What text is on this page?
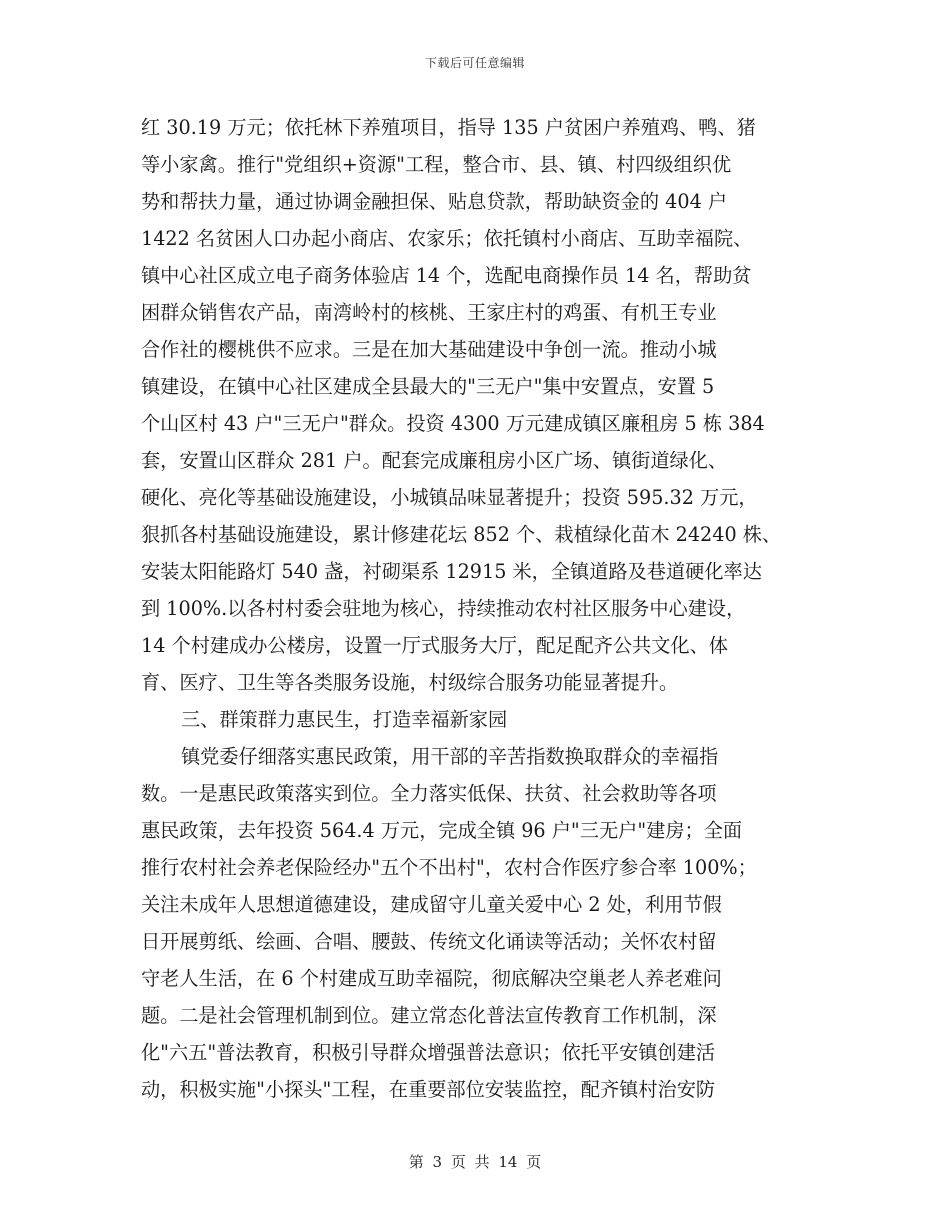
下载后可任意编辑
红 30.19 万元；依托林下养殖项目，指导 135 户贫困户养殖鸡、鸭、猪
等小家禽。推行"党组织+资源"工程，整合市、县、镇、村四级组织优
势和帮扶力量，通过协调金融担保、贴息贷款，帮助缺资金的 404 户
1422 名贫困人口办起小商店、农家乐；依托镇村小商店、互助幸福院、
镇中心社区成立电子商务体验店 14 个，选配电商操作员 14 名，帮助贫
困群众销售农产品，南湾岭村的核桃、王家庄村的鸡蛋、有机王专业
合作社的樱桃供不应求。三是在加大基础建设中争创一流。推动小城
镇建设，在镇中心社区建成全县最大的"三无户"集中安置点，安置 5
个山区村 43 户"三无户"群众。投资 4300 万元建成镇区廉租房 5 栋 384
套，安置山区群众 281 户。配套完成廉租房小区广场、镇街道绿化、
硬化、亮化等基础设施建设，小城镇品味显著提升；投资 595.32 万元，
狠抓各村基础设施建设，累计修建花坛 852 个、栽植绿化苗木 24240 株、
安装太阳能路灯 540 盏，衬砌渠系 12915 米，全镇道路及巷道硬化率达
到 100%.以各村村委会驻地为核心，持续推动农村社区服务中心建设，
14 个村建成办公楼房，设置一厅式服务大厅，配足配齐公共文化、体
育、医疗、卫生等各类服务设施，村级综合服务功能显著提升。
三、群策群力惠民生，打造幸福新家园
镇党委仔细落实惠民政策，用干部的辛苦指数换取群众的幸福指
数。一是惠民政策落实到位。全力落实低保、扶贫、社会救助等各项
惠民政策，去年投资 564.4 万元，完成全镇 96 户"三无户"建房；全面
推行农村社会养老保险经办"五个不出村"，农村合作医疗参合率 100%；
关注未成年人思想道德建设，建成留守儿童关爱中心 2 处，利用节假
日开展剪纸、绘画、合唱、腰鼓、传统文化诵读等活动；关怀农村留
守老人生活，在 6 个村建成互助幸福院，彻底解决空巢老人养老难问
题。二是社会管理机制到位。建立常态化普法宣传教育工作机制，深
化"六五"普法教育，积极引导群众增强普法意识；依托平安镇创建活
动，积极实施"小探头"工程，在重要部位安装监控，配齐镇村治安防
第 3 页 共 14 页
